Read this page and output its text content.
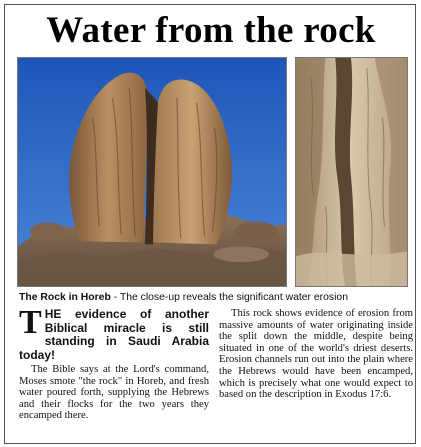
Water from the rock
The Rock in Horeb - The close-up reveals the significant water erosion

THE evidence of another Biblical miracle is still standing in Saudi Arabia today!

The Bible says at the Lord's command, Moses smote "the rock" in Horeb, and fresh water poured forth, supplying the Hebrews and their flocks for the two years they encamped there.

This rock shows evidence of erosion from massive amounts of water originating inside the split down the middle, despite being situated in one of the world's driest deserts. Erosion channels run out into the plain where the Hebrews would have been encamped, which is precisely what one would expect to based on the description in Exodus 17:6.
